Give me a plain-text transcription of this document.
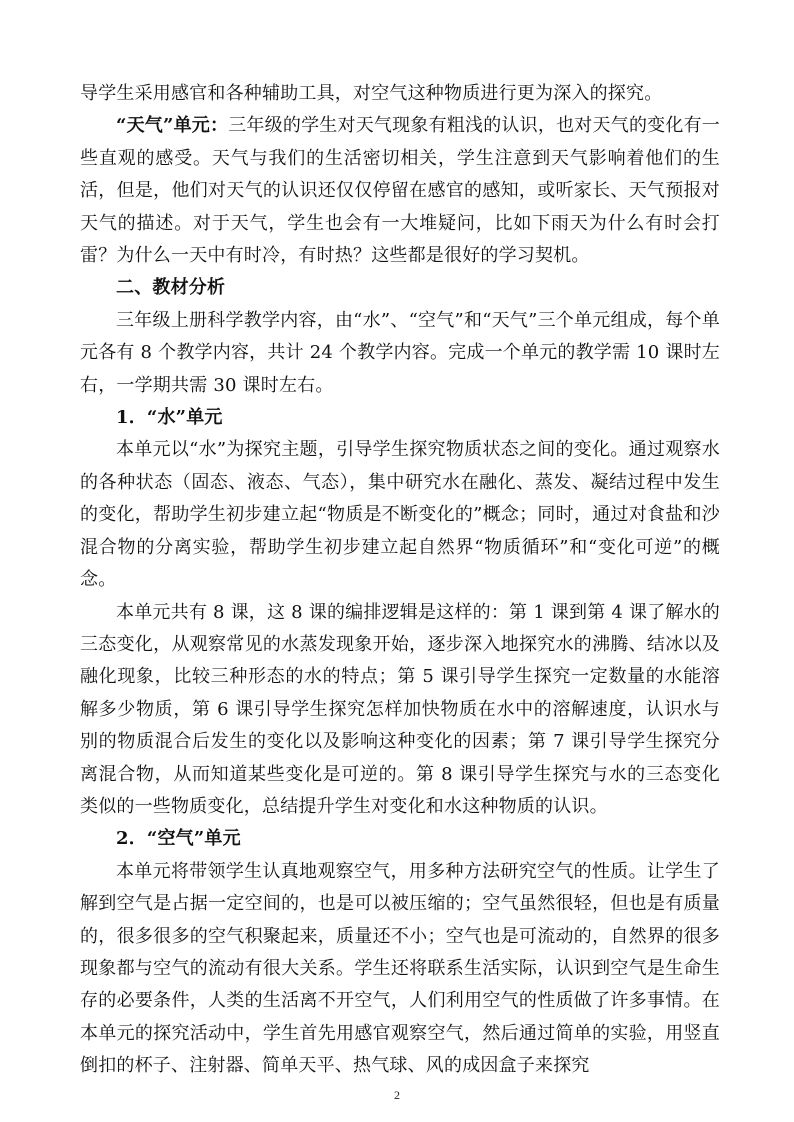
导学生采用感官和各种辅助工具，对空气这种物质进行更为深入的探究。

“天气”单元：三年级的学生对天气现象有粗浅的认识，也对天气的变化有一些直观的感受。天气与我们的生活密切相关，学生注意到天气影响着他们的生活，但是，他们对天气的认识还仅仅停留在感官的感知，或听家长、天气预报对天气的描述。对于天气，学生也会有一大堆疑问，比如下雨天为什么有时会打雷？为什么一天中有时冷，有时热？这些都是很好的学习契机。

二、教材分析

三年级上册科学教学内容，由“水”、“空气”和“天气”三个单元组成，每个单元各有 8 个教学内容，共计 24 个教学内容。完成一个单元的教学需 10 课时左右，一学期共需 30 课时左右。

1．“水”单元

本单元以“水”为探究主题，引导学生探究物质状态之间的变化。通过观察水的各种状态（固态、液态、气态），集中研究水在融化、蒸发、凝结过程中发生的变化，帮助学生初步建立起“物质是不断变化的”概念；同时，通过对食盐和沙混合物的分离实验，帮助学生初步建立起自然界“物质循环”和“变化可逆”的概念。

本单元共有 8 课，这 8 课的编排逻辑是这样的：第 1 课到第 4 课了解水的三态变化，从观察常见的水蒸发现象开始，逐步深入地探究水的沸腾、结冰以及融化现象，比较三种形态的水的特点；第 5 课引导学生探究一定数量的水能溶解多少物质，第 6 课引导学生探究怎样加快物质在水中的溶解速度，认识水与别的物质混合后发生的变化以及影响这种变化的因素；第 7 课引导学生探究分离混合物，从而知道某些变化是可逆的。第 8 课引导学生探究与水的三态变化类似的一些物质变化，总结提升学生对变化和水这种物质的认识。

2．“空气”单元

本单元将带领学生认真地观察空气，用多种方法研究空气的性质。让学生了解到空气是占据一定空间的，也是可以被压缩的；空气虽然很轻，但也是有质量的，很多很多的空气积聚起来，质量还不小；空气也是可流动的，自然界的很多现象都与空气的流动有很大关系。学生还将联系生活实际，认识到空气是生命生存的必要条件，人类的生活离不开空气，人们利用空气的性质做了许多事情。在本单元的探究活动中，学生首先用感官观察空气，然后通过简单的实验，用竖直倒扣的杯子、注射器、简单天平、热气球、风的成因盒子来探究

2
